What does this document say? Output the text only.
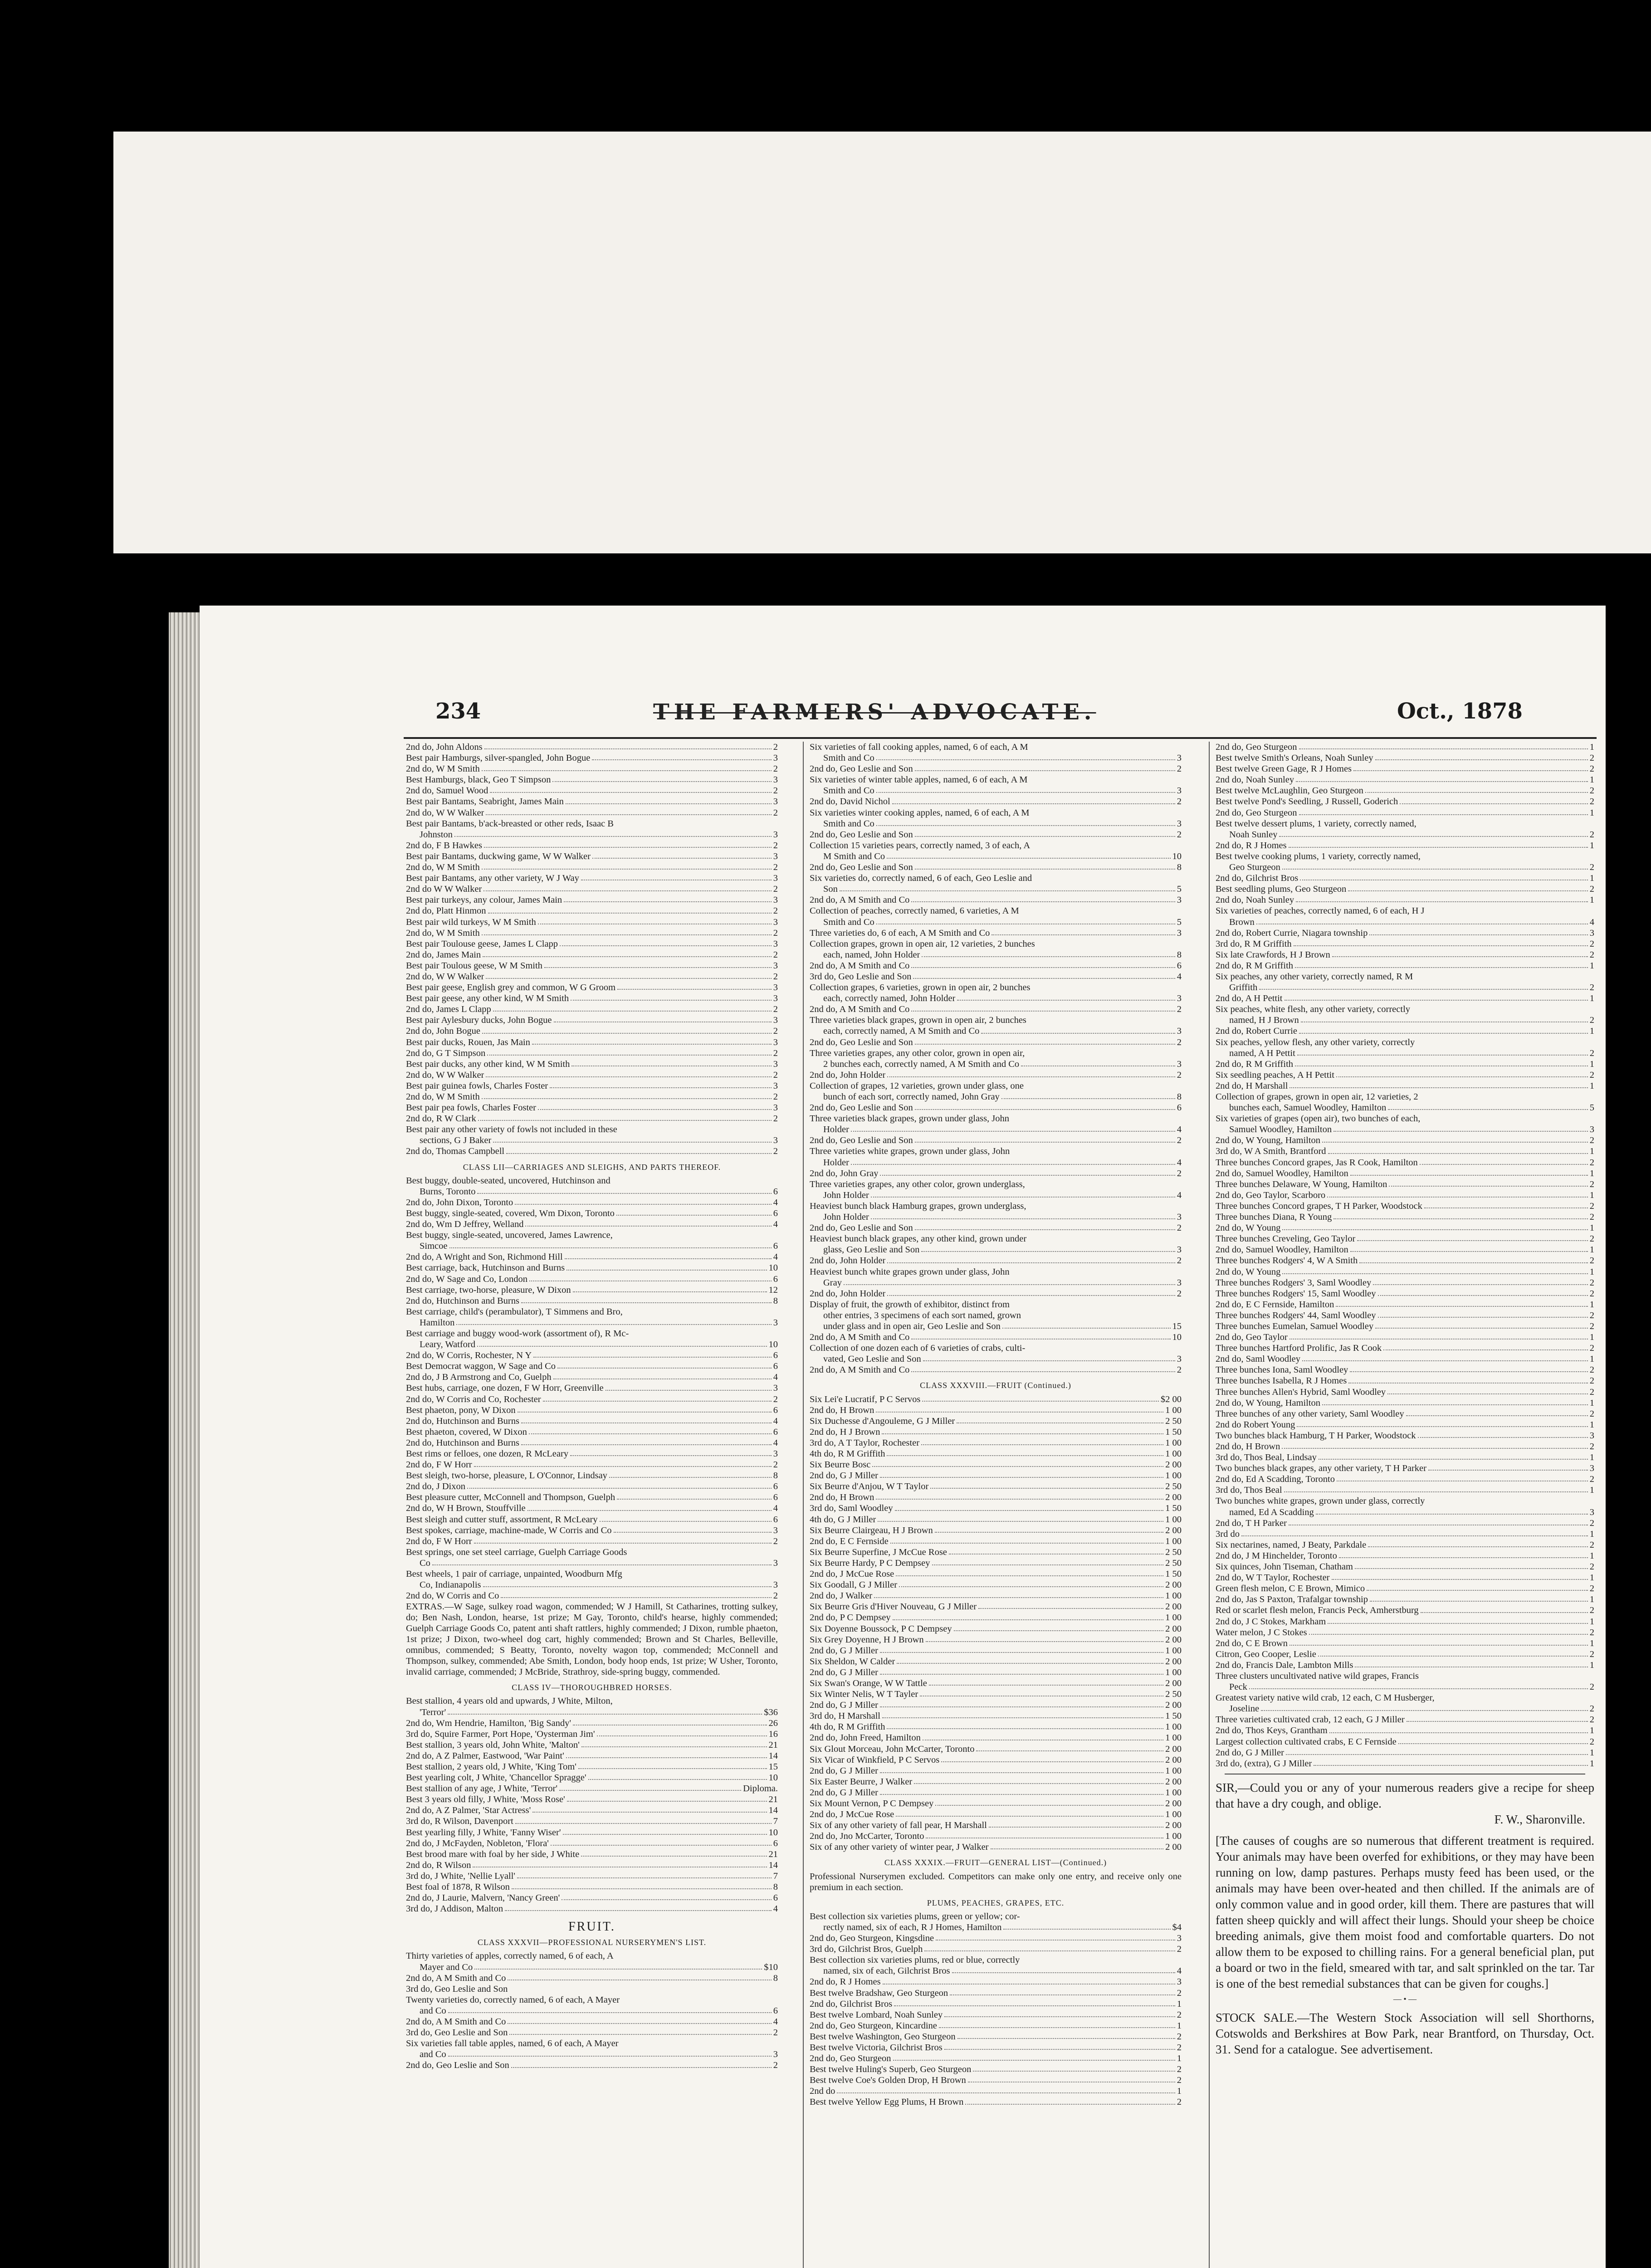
234	THE FARMERS' ADVOCATE.	Oct., 1878
2nd do, John Aldons	2
Best pair Hamburgs, silver-spangled, John Bogue	3
2nd do, W M Smith	2
Best Hamburgs, black, Geo T Simpson	3
2nd do, Samuel Wood	2
Best pair Bantams, Seabright, James Main	3
2nd do, W W Walker	2
Best pair Bantams, b'ack-breasted or other reds, Isaac B
Johnston	3
2nd do, F B Hawkes	2
Best pair Bantams, duckwing game, W W Walker	3
2nd do, W M Smith	2
Best pair Bantams, any other variety, W J Way	3
2nd do W W Walker	2
Best pair turkeys, any colour, James Main	3
2nd do, Platt Hinmon	2
Best pair wild turkeys, W M Smith	3
2nd do, W M Smith	2
Best pair Toulouse geese, James L Clapp	3
2nd do, James Main	2
Best pair Toulous geese, W M Smith	3
2nd do, W W Walker	2
Best pair geese, English grey and common, W G Groom	3
Best pair geese, any other kind, W M Smith	3
2nd do, James L Clapp	2
Best pair Aylesbury ducks, John Bogue	3
2nd do, John Bogue	2
Best pair ducks, Rouen, Jas Main	3
2nd do, G T Simpson	2
Best pair ducks, any other kind, W M Smith	3
2nd do, W W Walker	2
Best pair guinea fowls, Charles Foster	3
2nd do, W M Smith	2
Best pair pea fowls, Charles Foster	3
2nd do, R W Clark	2
Best pair any other variety of fowls not included in these
sections, G J Baker	3
2nd do, Thomas Campbell	2
CLASS LII—CARRIAGES AND SLEIGHS, AND PARTS THEREOF.
Best buggy, double-seated, uncovered, Hutchinson and
Burns, Toronto	6
2nd do, John Dixon, Toronto	4
Best buggy, single-seated, covered, Wm Dixon, Toronto	6
2nd do, Wm D Jeffrey, Welland	4
Best buggy, single-seated, uncovered, James Lawrence,
Simcoe	6
2nd do, A Wright and Son, Richmond Hill	4
Best carriage, back, Hutchinson and Burns	10
2nd do, W Sage and Co, London	6
Best carriage, two-horse, pleasure, W Dixon	12
2nd do, Hutchinson and Burns	8
Best carriage, child's (perambulator), T Simmens and Bro,
Hamilton	3
Best carriage and buggy wood-work (assortment of), R Mc-
Leary, Watford	10
2nd do, W Corris, Rochester, N Y	6
Best Democrat waggon, W Sage and Co	6
2nd do, J B Armstrong and Co, Guelph	4
Best hubs, carriage, one dozen, F W Horr, Greenville	3
2nd do, W Corris and Co, Rochester	2
Best phaeton, pony, W Dixon	6
2nd do, Hutchinson and Burns	4
Best phaeton, covered, W Dixon	6
2nd do, Hutchinson and Burns	4
Best rims or felloes, one dozen, R McLeary	3
2nd do, F W Horr	2
Best sleigh, two-horse, pleasure, L O'Connor, Lindsay	8
2nd do, J Dixon	6
Best pleasure cutter, McConnell and Thompson, Guelph	6
2nd do, W H Brown, Stouffville	4
Best sleigh and cutter stuff, assortment, R McLeary	6
Best spokes, carriage, machine-made, W Corris and Co	3
2nd do, F W Horr	2
Best springs, one set steel carriage, Guelph Carriage Goods
Co	3
Best wheels, 1 pair of carriage, unpainted, Woodburn Mfg
Co, Indianapolis	3
2nd do, W Corris and Co	2
EXTRAS.—W Sage, sulkey road wagon, commended; W J Hamill, St Catharines, trotting sulkey, do; Ben Nash, London, hearse, 1st prize; M Gay, Toronto, child's hearse, highly commended; Guelph Carriage Goods Co, patent anti shaft rattlers, highly commended; J Dixon, rumble phaeton, 1st prize; J Dixon, two-wheel dog cart, highly commended; Brown and St Charles, Belleville, omnibus, commended; S Beatty, Toronto, novelty wagon top, commended; McConnell and Thompson, sulkey, commended; Abe Smith, London, body hoop ends, 1st prize; W Usher, Toronto, invalid carriage, commended; J McBride, Strathroy, side-spring buggy, commended.
CLASS IV—THOROUGHBRED HORSES.
Best stallion, 4 years old and upwards, J White, Milton,
'Terror'	$36
2nd do, Wm Hendrie, Hamilton, 'Big Sandy'	26
3rd do, Squire Farmer, Port Hope, 'Oysterman Jim'	16
Best stallion, 3 years old, John White, 'Malton'	21
2nd do, A Z Palmer, Eastwood, 'War Paint'	14
Best stallion, 2 years old, J White, 'King Tom'	15
Best yearling colt, J White, 'Chancellor Spragge'	10
Best stallion of any age, J White, 'Terror'	Diploma.
Best 3 years old filly, J White, 'Moss Rose'	21
2nd do, A Z Palmer, 'Star Actress'	14
3rd do, R Wilson, Davenport	7
Best yearling filly, J White, 'Fanny Wiser'	10
2nd do, J McFayden, Nobleton, 'Flora'	6
Best brood mare with foal by her side, J White	21
2nd do, R Wilson	14
3rd do, J White, 'Nellie Lyall'	7
Best foal of 1878, R Wilson	8
2nd do, J Laurie, Malvern, 'Nancy Green'	6
3rd do, J Addison, Malton	4
FRUIT.
CLASS XXXVII—PROFESSIONAL NURSERYMEN'S LIST.
Thirty varieties of apples, correctly named, 6 of each, A
Mayer and Co	$10
2nd do, A M Smith and Co	8
3rd do, Geo Leslie and Son
Twenty varieties do, correctly named, 6 of each, A Mayer
and Co	6
2nd do, A M Smith and Co	4
3rd do, Geo Leslie and Son	2
Six varieties fall table apples, named, 6 of each, A Mayer
and Co	3
2nd do, Geo Leslie and Son	2
Six varieties of fall cooking apples, named, 6 of each, A M
Smith and Co	3
2nd do, Geo Leslie and Son	2
Six varieties of winter table apples, named, 6 of each, A M
Smith and Co	3
2nd do, David Nichol	2
Six varieties winter cooking apples, named, 6 of each, A M
Smith and Co	3
2nd do, Geo Leslie and Son	2
Collection 15 varieties pears, correctly named, 3 of each, A
M Smith and Co	10
2nd do, Geo Leslie and Son	8
Six varieties do, correctly named, 6 of each, Geo Leslie and
Son	5
2nd do, A M Smith and Co	3
Collection of peaches, correctly named, 6 varieties, A M
Smith and Co	5
Three varieties do, 6 of each, A M Smith and Co	3
Collection grapes, grown in open air, 12 varieties, 2 bunches
each, named, John Holder	8
2nd do, A M Smith and Co	6
3rd do, Geo Leslie and Son	4
Collection grapes, 6 varieties, grown in open air, 2 bunches
each, correctly named, John Holder	3
2nd do, A M Smith and Co	2
Three varieties black grapes, grown in open air, 2 bunches
each, correctly named, A M Smith and Co	3
2nd do, Geo Leslie and Son	2
Three varieties grapes, any other color, grown in open air,
2 bunches each, correctly named, A M Smith and Co	3
2nd do, John Holder	2
Collection of grapes, 12 varieties, grown under glass, one
bunch of each sort, correctly named, John Gray	8
2nd do, Geo Leslie and Son	6
Three varieties black grapes, grown under glass, John
Holder	4
2nd do, Geo Leslie and Son	2
Three varieties white grapes, grown under glass, John
Holder	4
2nd do, John Gray	2
Three varieties grapes, any other color, grown underglass,
John Holder	4
Heaviest bunch black Hamburg grapes, grown underglass,
John Holder	3
2nd do, Geo Leslie and Son	2
Heaviest bunch black grapes, any other kind, grown under
glass, Geo Leslie and Son	3
2nd do, John Holder	2
Heaviest bunch white grapes grown under glass, John
Gray	3
2nd do, John Holder	2
Display of fruit, the growth of exhibitor, distinct from
other entries, 3 specimens of each sort named, grown
under glass and in open air, Geo Leslie and Son	15
2nd do, A M Smith and Co	10
Collection of one dozen each of 6 varieties of crabs, culti-
vated, Geo Leslie and Son	3
2nd do, A M Smith and Co	2
CLASS XXXVIII.—FRUIT (Continued.)
Six Lei'e Lucratif, P C Servos	$2 00
2nd do, H Brown	1 00
Six Duchesse d'Angouleme, G J Miller	2 50
2nd do, H J Brown	1 50
3rd do, A T Taylor, Rochester	1 00
4th do, R M Griffith	1 00
Six Beurre Bosc	2 00
2nd do, G J Miller	1 00
Six Beurre d'Anjou, W T Taylor	2 50
2nd do, H Brown	2 00
3rd do, Saml Woodley	1 50
4th do, G J Miller	1 00
Six Beurre Clairgeau, H J Brown	2 00
2nd do, E C Fernside	1 00
Six Beurre Superfine, J McCue Rose	2 50
Six Beurre Hardy, P C Dempsey	2 50
2nd do, J McCue Rose	1 50
Six Goodall, G J Miller	2 00
2nd do, J Walker	1 00
Six Beurre Gris d'Hiver Nouveau, G J Miller	2 00
2nd do, P C Dempsey	1 00
Six Doyenne Boussock, P C Dempsey	2 00
Six Grey Doyenne, H J Brown	2 00
2nd do, G J Miller	1 00
Six Sheldon, W Calder	2 00
2nd do, G J Miller	1 00
Six Swan's Orange, W W Tattle	2 00
Six Winter Nelis, W T Tayler	2 50
2nd do, G J Miller	2 00
3rd do, H Marshall	1 50
4th do, R M Griffith	1 00
2nd do, John Freed, Hamilton	1 00
Six Glout Morceau, John McCarter, Toronto	2 00
Six Vicar of Winkfield, P C Servos	2 00
2nd do, G J Miller	1 00
Six Easter Beurre, J Walker	2 00
2nd do, G J Miller	1 00
Six Mount Vernon, P C Dempsey	2 00
2nd do, J McCue Rose	1 00
Six of any other variety of fall pear, H Marshall	2 00
2nd do, Jno McCarter, Toronto	1 00
Six of any other variety of winter pear, J Walker	2 00
CLASS XXXIX.—FRUIT—GENERAL LIST—(Continued.)
Professional Nurserymen excluded. Competitors can make only one entry, and receive only one premium in each section.
PLUMS, PEACHES, GRAPES, ETC.
Best collection six varieties plums, green or yellow; cor-
rectly named, six of each, R J Homes, Hamilton	$4
2nd do, Geo Sturgeon, Kingsdine	3
3rd do, Gilchrist Bros, Guelph	2
Best collection six varieties plums, red or blue, correctly
named, six of each, Gilchrist Bros	4
2nd do, R J Homes	3
Best twelve Bradshaw, Geo Sturgeon	2
2nd do, Gilchrist Bros	1
Best twelve Lombard, Noah Sunley	2
2nd do, Geo Sturgeon, Kincardine	1
Best twelve Washington, Geo Sturgeon	2
Best twelve Victoria, Gilchrist Bros	2
2nd do, Geo Sturgeon	1
Best twelve Huling's Superb, Geo Sturgeon	2
Best twelve Coe's Golden Drop, H Brown	2
2nd do	1
Best twelve Yellow Egg Plums, H Brown	2
2nd do, Geo Sturgeon	1
Best twelve Smith's Orleans, Noah Sunley	2
Best twelve Green Gage, R J Homes	2
2nd do, Noah Sunley	1
Best twelve McLaughlin, Geo Sturgeon	2
Best twelve Pond's Seedling, J Russell, Goderich	2
2nd do, Geo Sturgeon	1
Best twelve dessert plums, 1 variety, correctly named,
Noah Sunley	2
2nd do, R J Homes	1
Best twelve cooking plums, 1 variety, correctly named,
Geo Sturgeon	2
2nd do, Gilchrist Bros	1
Best seedling plums, Geo Sturgeon	2
2nd do, Noah Sunley	1
Six varieties of peaches, correctly named, 6 of each, H J
Brown	4
2nd do, Robert Currie, Niagara township	3
3rd do, R M Griffith	2
Six late Crawfords, H J Brown	2
2nd do, R M Griffith	1
Six peaches, any other variety, correctly named, R M
Griffith	2
2nd do, A H Pettit	1
Six peaches, white flesh, any other variety, correctly
named, H J Brown	2
2nd do, Robert Currie	1
Six peaches, yellow flesh, any other variety, correctly
named, A H Pettit	2
2nd do, R M Griffith	1
Six seedling peaches, A H Pettit	2
2nd do, H Marshall	1
Collection of grapes, grown in open air, 12 varieties, 2
bunches each, Samuel Woodley, Hamilton	5
Six varieties of grapes (open air), two bunches of each,
Samuel Woodley, Hamilton	3
2nd do, W Young, Hamilton	2
3rd do, W A Smith, Brantford	1
Three bunches Concord grapes, Jas R Cook, Hamilton	2
2nd do, Samuel Woodley, Hamilton	1
Three bunches Delaware, W Young, Hamilton	2
2nd do, Geo Taylor, Scarboro	1
Three bunches Concord grapes, T H Parker, Woodstock	2
Three bunches Diana, R Young	2
2nd do, W Young	1
Three bunches Creveling, Geo Taylor	2
2nd do, Samuel Woodley, Hamilton	1
Three bunches Rodgers' 4, W A Smith	2
2nd do, W Young	1
Three bunches Rodgers' 3, Saml Woodley	2
Three bunches Rodgers' 15, Saml Woodley	2
2nd do, E C Fernside, Hamilton	1
Three bunches Rodgers' 44, Saml Woodley	2
Three bunches Eumelan, Samuel Woodley	2
2nd do, Geo Taylor	1
Three bunches Hartford Prolific, Jas R Cook	2
2nd do, Saml Woodley	1
Three bunches Iona, Saml Woodley	2
Three bunches Isabella, R J Homes	2
Three bunches Allen's Hybrid, Saml Woodley	2
2nd do, W Young, Hamilton	1
Three bunches of any other variety, Saml Woodley	2
2nd do Robert Young	1
Two bunches black Hamburg, T H Parker, Woodstock	3
2nd do, H Brown	2
3rd do, Thos Beal, Lindsay	1
Two bunches black grapes, any other variety, T H Parker	3
2nd do, Ed A Scadding, Toronto	2
3rd do, Thos Beal	1
Two bunches white grapes, grown under glass, correctly
named, Ed A Scadding	3
2nd do, T H Parker	2
3rd do	1
Six nectarines, named, J Beaty, Parkdale	2
2nd do, J M Hinchelder, Toronto	1
Six quinces, John Tiseman, Chatham	2
2nd do, W T Taylor, Rochester	1
Green flesh melon, C E Brown, Mimico	2
2nd do, Jas S Paxton, Trafalgar township	1
Red or scarlet flesh melon, Francis Peck, Amherstburg	2
2nd do, J C Stokes, Markham	1
Water melon, J C Stokes	2
2nd do, C E Brown	1
Citron, Geo Cooper, Leslie	2
2nd do, Francis Dale, Lambton Mills	1
Three clusters uncultivated native wild grapes, Francis
Peck	2
Greatest variety native wild crab, 12 each, C M Husberger,
Joseline	2
Three varieties cultivated crab, 12 each, G J Miller	2
2nd do, Thos Keys, Grantham	1
Largest collection cultivated crabs, E C Fernside	2
2nd do, G J Miller	1
3rd do, (extra), G J Miller	1
SIR,—Could you or any of your numerous readers give a recipe for sheep that have a dry cough, and oblige.
F. W., Sharonville.
[The causes of coughs are so numerous that different treatment is required. Your animals may have been overfed for exhibitions, or they may have been running on low, damp pastures. Perhaps musty feed has been used, or the animals may have been over-heated and then chilled. If the animals are of only common value and in good order, kill them. There are pastures that will fatten sheep quickly and will affect their lungs. Should your sheep be choice breeding animals, give them moist food and comfortable quarters. Do not allow them to be exposed to chilling rains. For a general beneficial plan, put a board or two in the field, smeared with tar, and salt sprinkled on the tar. Tar is one of the best remedial substances that can be given for coughs.]
— • —
STOCK SALE.—The Western Stock Association will sell Shorthorns, Cotswolds and Berkshires at Bow Park, near Brantford, on Thursday, Oct. 31. Send for a catalogue. See advertisement.
